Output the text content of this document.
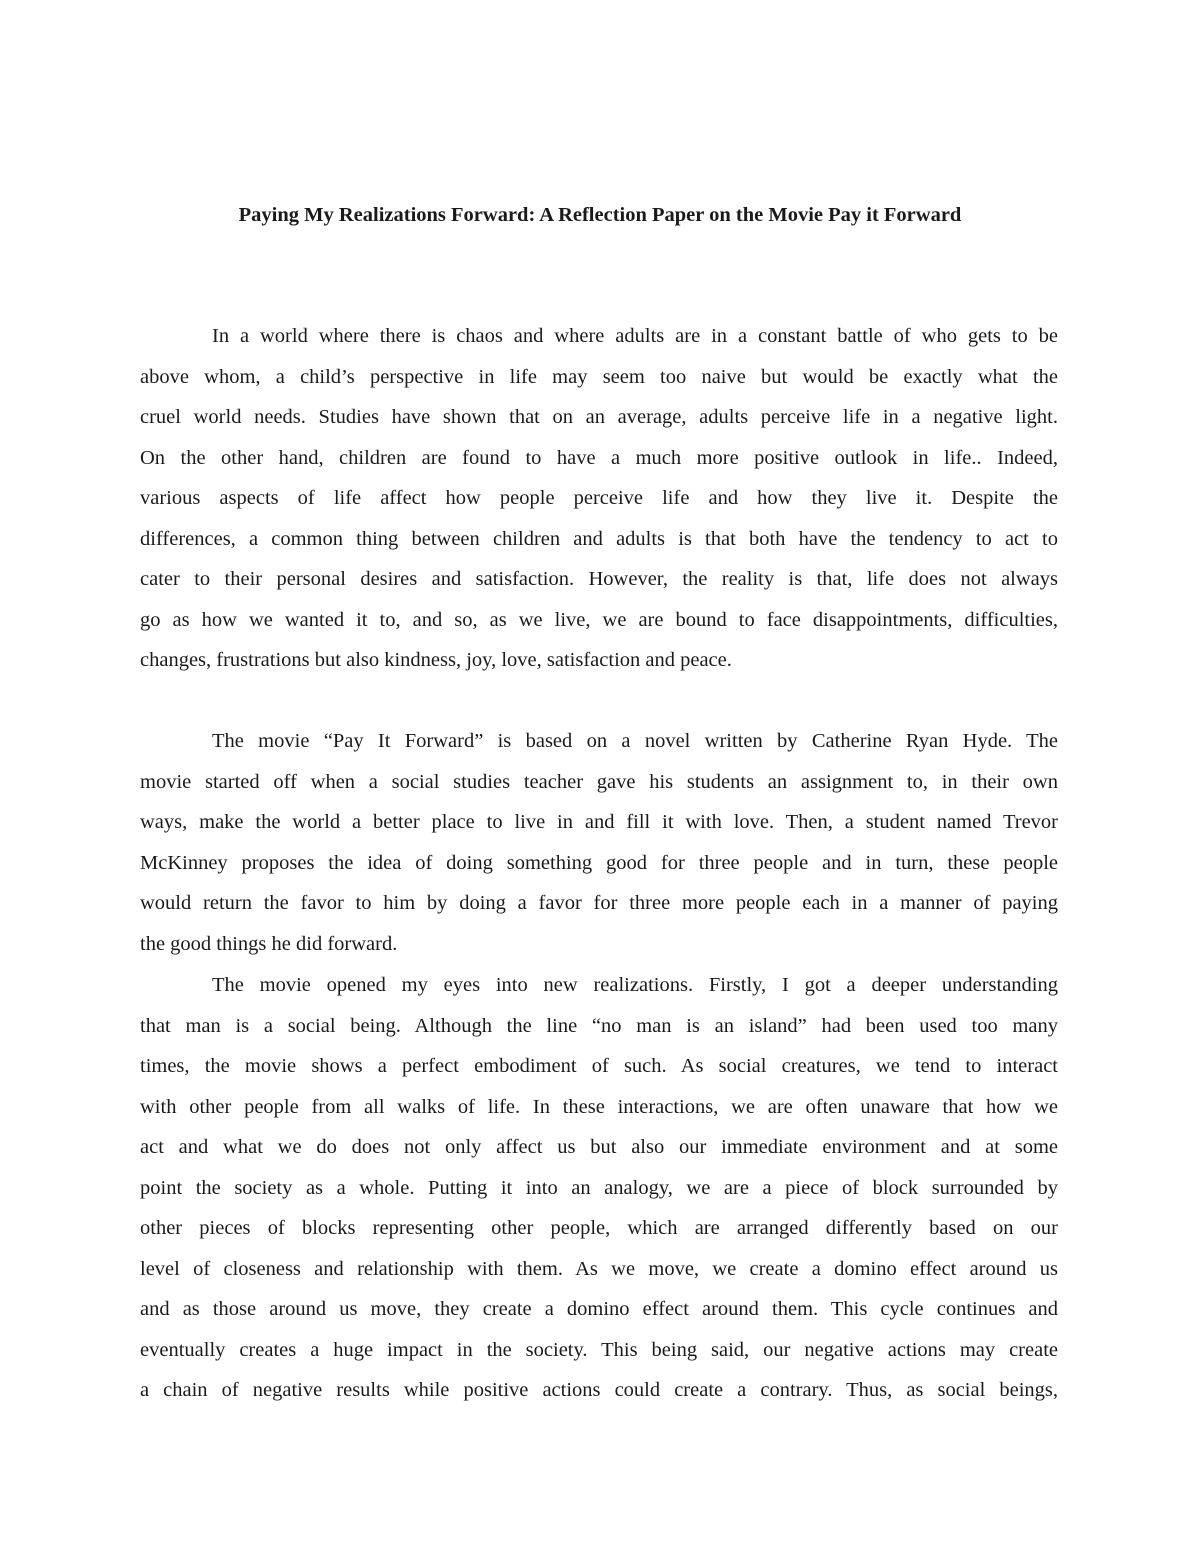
Paying My Realizations Forward: A Reflection Paper on the Movie Pay it Forward
In a world where there is chaos and where adults are in a constant battle of who gets to be
above whom, a child’s perspective in life may seem too naive but would be exactly what the
cruel world needs. Studies have shown that on an average, adults perceive life in a negative light.
On the other hand, children are found to have a much more positive outlook in life.. Indeed,
various aspects of life affect how people perceive life and how they live it. Despite the
differences, a common thing between children and adults is that both have the tendency to act to
cater to their personal desires and satisfaction. However, the reality is that, life does not always
go as how we wanted it to, and so, as we live, we are bound to face disappointments, difficulties,
changes, frustrations but also kindness, joy, love, satisfaction and peace.
The movie “Pay It Forward” is based on a novel written by Catherine Ryan Hyde. The
movie started off when a social studies teacher gave his students an assignment to, in their own
ways, make the world a better place to live in and fill it with love. Then, a student named Trevor
McKinney proposes the idea of doing something good for three people and in turn, these people
would return the favor to him by doing a favor for three more people each in a manner of paying
the good things he did forward.
The movie opened my eyes into new realizations. Firstly, I got a deeper understanding
that man is a social being. Although the line “no man is an island” had been used too many
times, the movie shows a perfect embodiment of such. As social creatures, we tend to interact
with other people from all walks of life. In these interactions, we are often unaware that how we
act and what we do does not only affect us but also our immediate environment and at some
point the society as a whole. Putting it into an analogy, we are a piece of block surrounded by
other pieces of blocks representing other people, which are arranged differently based on our
level of closeness and relationship with them. As we move, we create a domino effect around us
and as those around us move, they create a domino effect around them. This cycle continues and
eventually creates a huge impact in the society. This being said, our negative actions may create
a chain of negative results while positive actions could create a contrary. Thus, as social beings,
